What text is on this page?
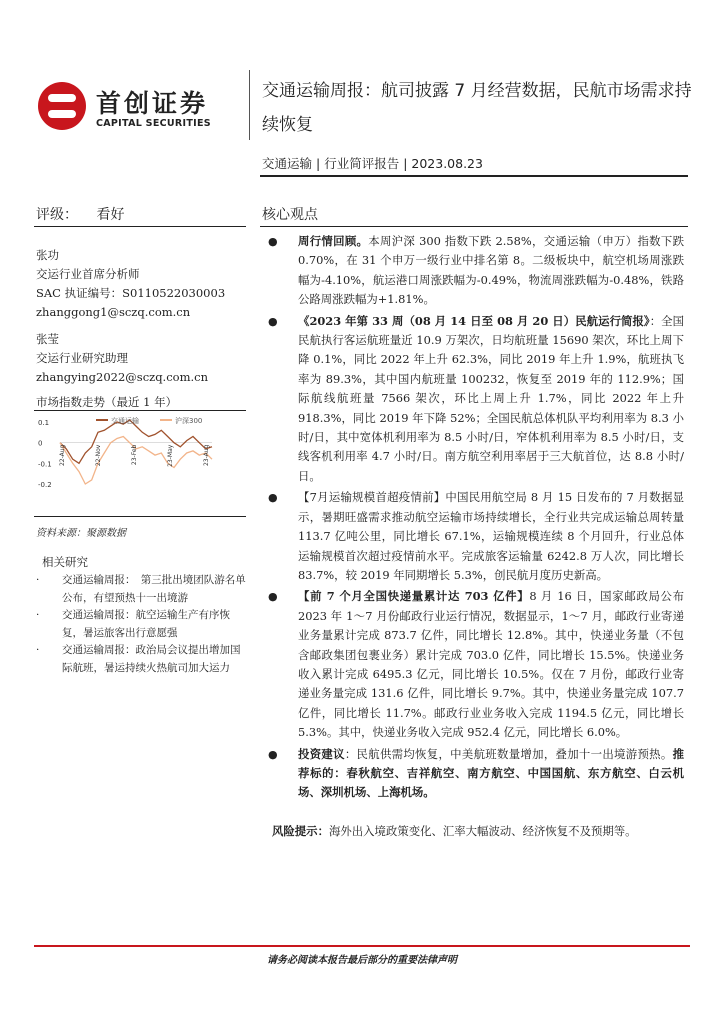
首创证券
CAPITAL SECURITIES
交通运输周报：航司披露 7 月经营数据，民航市场需求持续恢复
交通运输 | 行业简评报告 | 2023.08.23
评级： 看好
张功
交运行业首席分析师
SAC 执证编号：S0110522030003
zhanggong1@sczq.com.cn
张莹
交运行业研究助理
zhangying2022@sczq.com.cn
市场指数走势（最近 1 年）
0.1
0
-0.1
-0.2
22-Aug	22-Nov	23-Feb	23-May	23-Aug
交通运输	沪深300
资料来源：聚源数据
相关研究
· 交通运输周报：　第三批出境团队游名单公布，有望预热十一出境游
· 交通运输周报：航空运输生产有序恢复，暑运旅客出行意愿强
· 交通运输周报：政治局会议提出增加国际航班，暑运持续火热航司加大运力
核心观点
● 周行情回顾。本周沪深 300 指数下跌 2.58%，交通运输（申万）指数下跌 0.70%，在 31 个申万一级行业中排名第 8。二级板块中，航空机场周涨跌幅为-4.10%，航运港口周涨跌幅为-0.49%，物流周涨跌幅为-0.48%，铁路公路周涨跌幅为+1.81%。
● 《2023 年第 33 周（08 月 14 日至 08 月 20 日）民航运行简报》：全国民航执行客运航班量近 10.9 万架次，日均航班量 15690 架次，环比上周下降 0.1%，同比 2022 年上升 62.3%，同比 2019 年上升 1.9%，航班执飞率为 89.3%，其中国内航班量 100232，恢复至 2019 年的 112.9%；国际航线航班量 7566 架次，环比上周上升 1.7%，同比 2022 年上升 918.3%，同比 2019 年下降 52%；全国民航总体机队平均利用率为 8.3 小时/日，其中宽体机利用率为 8.5 小时/日，窄体机利用率为 8.5 小时/日，支线客机利用率 4.7 小时/日。南方航空利用率居于三大航首位，达 8.8 小时/日。
● 【7月运输规模首超疫情前】中国民用航空局 8 月 15 日发布的 7 月数据显示，暑期旺盛需求推动航空运输市场持续增长，全行业共完成运输总周转量 113.7 亿吨公里，同比增长 67.1%，运输规模连续 8 个月回升，行业总体运输规模首次超过疫情前水平。完成旅客运输量 6242.8 万人次，同比增长 83.7%，较 2019 年同期增长 5.3%，创民航月度历史新高。
● 【前 7 个月全国快递量累计达 703 亿件】8 月 16 日，国家邮政局公布 2023 年 1～7 月份邮政行业运行情况，数据显示，1～7 月，邮政行业寄递业务量累计完成 873.7 亿件，同比增长 12.8%。其中，快递业务量（不包含邮政集团包裹业务）累计完成 703.0 亿件，同比增长 15.5%。快递业务收入累计完成 6495.3 亿元，同比增长 10.5%。仅在 7 月份，邮政行业寄递业务量完成 131.6 亿件，同比增长 9.7%。其中，快递业务量完成 107.7 亿件，同比增长 11.7%。邮政行业业务收入完成 1194.5 亿元，同比增长 5.3%。其中，快递业务收入完成 952.4 亿元，同比增长 6.0%。
● 投资建议：民航供需均恢复，中美航班数量增加，叠加十一出境游预热。推荐标的：春秋航空、吉祥航空、南方航空、中国国航、东方航空、白云机场、深圳机场、上海机场。
风险提示：海外出入境政策变化、汇率大幅波动、经济恢复不及预期等。
请务必阅读本报告最后部分的重要法律声明
